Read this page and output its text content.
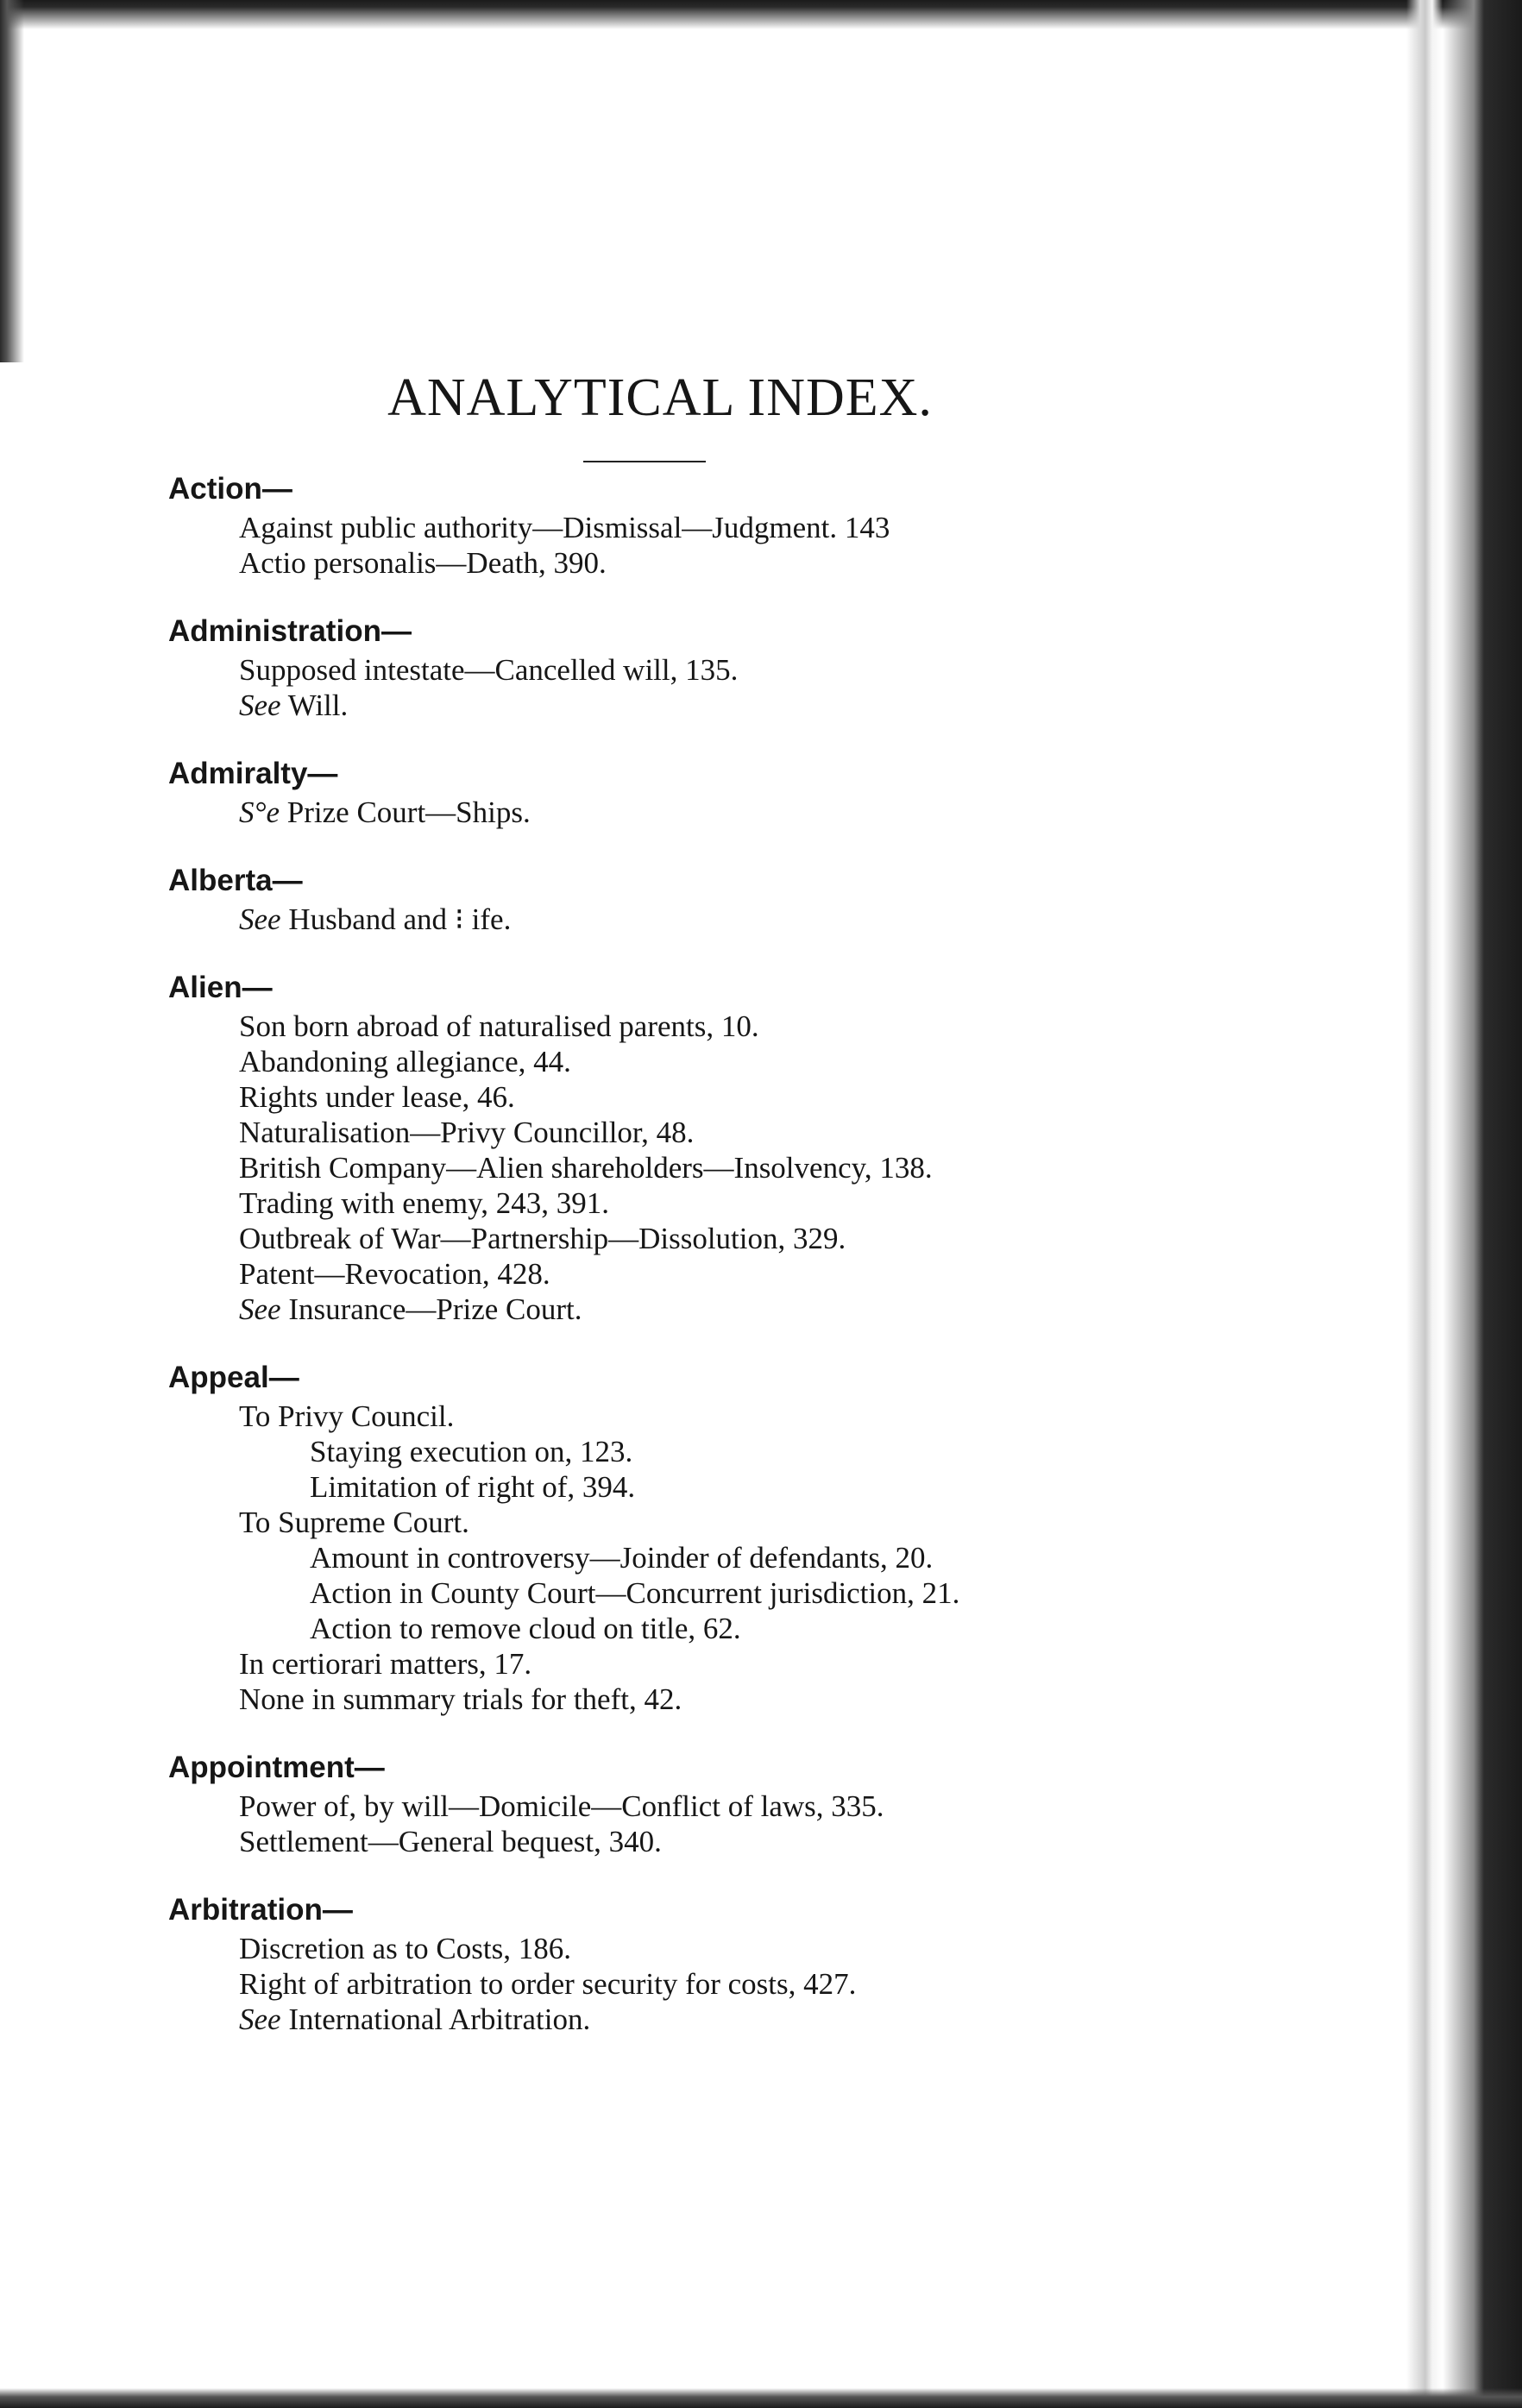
ANALYTICAL INDEX.
Action—
Against public authority—Dismissal—Judgment. 143
Actio personalis—Death, 390.
Administration—
Supposed intestate—Cancelled will, 135.
See Will.
Admiralty—
S°e Prize Court—Ships.
Alberta—
See Husband and ⁝ ife.
Alien—
Son born abroad of naturalised parents, 10.
Abandoning allegiance, 44.
Rights under lease, 46.
Naturalisation—Privy Councillor, 48.
British Company—Alien shareholders—Insolvency, 138.
Trading with enemy, 243, 391.
Outbreak of War—Partnership—Dissolution, 329.
Patent—Revocation, 428.
See Insurance—Prize Court.
Appeal—
To Privy Council.
Staying execution on, 123.
Limitation of right of, 394.
To Supreme Court.
Amount in controversy—Joinder of defendants, 20.
Action in County Court—Concurrent jurisdiction, 21.
Action to remove cloud on title, 62.
In certiorari matters, 17.
None in summary trials for theft, 42.
Appointment—
Power of, by will—Domicile—Conflict of laws, 335.
Settlement—General bequest, 340.
Arbitration—
Discretion as to Costs, 186.
Right of arbitration to order security for costs, 427.
See International Arbitration.
